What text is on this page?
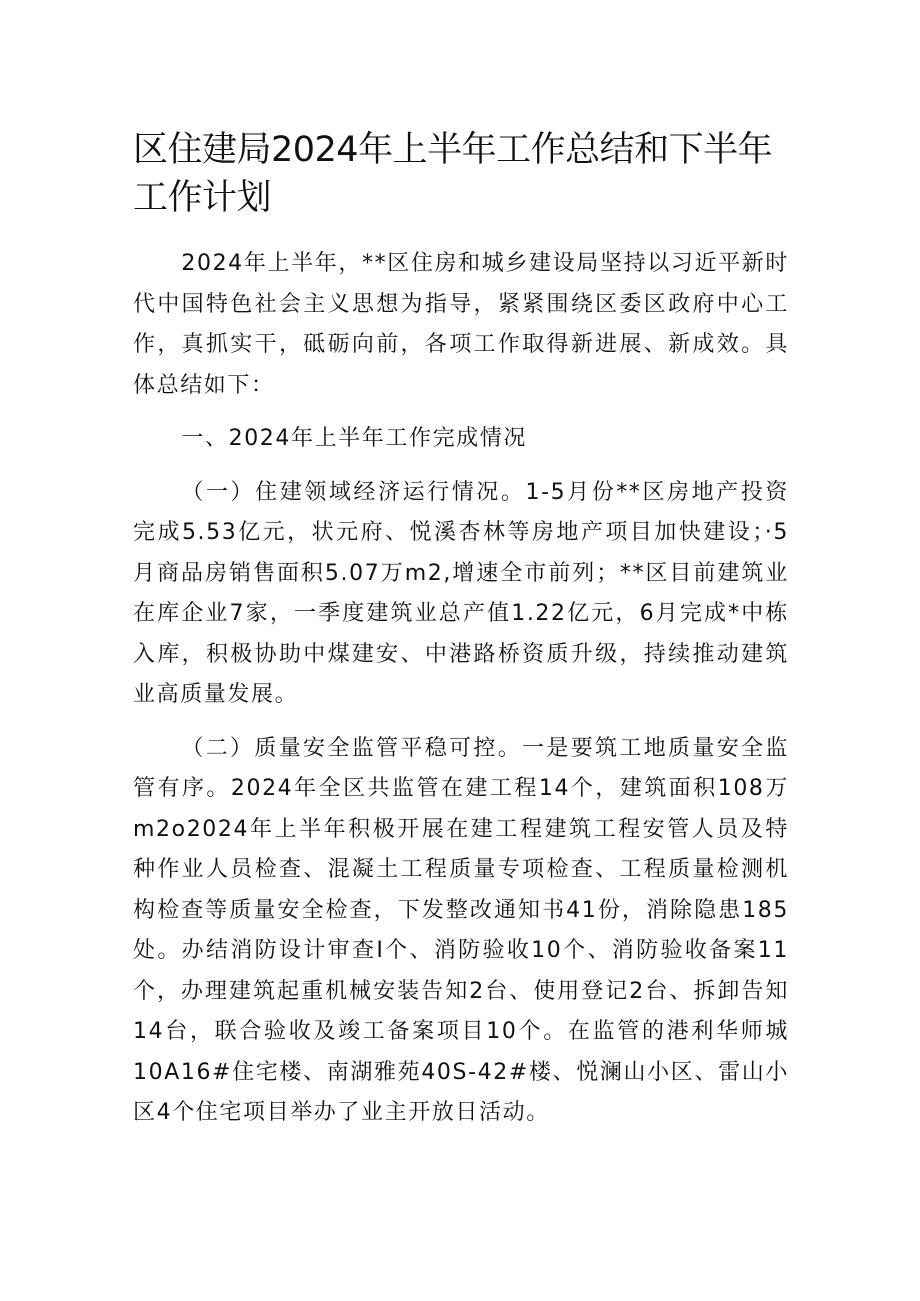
区住建局2024年上半年工作总结和下半年工作计划

2024年上半年，**区住房和城乡建设局坚持以习近平新时代中国特色社会主义思想为指导，紧紧围绕区委区政府中心工作，真抓实干，砥砺向前，各项工作取得新进展、新成效。具体总结如下：

一、2024年上半年工作完成情况

（一）住建领域经济运行情况。1-5月份**区房地产投资完成5.53亿元，状元府、悦溪杏林等房地产项目加快建设；·5月商品房销售面积5.07万m2,增速全市前列；**区目前建筑业在库企业7家，一季度建筑业总产值1.22亿元，6月完成*中栋入库，积极协助中煤建安、中港路桥资质升级，持续推动建筑业高质量发展。

（二）质量安全监管平稳可控。一是要筑工地质量安全监管有序。2024年全区共监管在建工程14个，建筑面积108万m2o2024年上半年积极开展在建工程建筑工程安管人员及特种作业人员检查、混凝土工程质量专项检查、工程质量检测机构检查等质量安全检查，下发整改通知书41份，消除隐患185处。办结消防设计审查I个、消防验收10个、消防验收备案11个，办理建筑起重机械安装告知2台、使用登记2台、拆卸告知14台，联合验收及竣工备案项目10个。在监管的港利华师城10A16#住宅楼、南湖雅苑40S-42#楼、悦澜山小区、雷山小区4个住宅项目举办了业主开放日活动。
